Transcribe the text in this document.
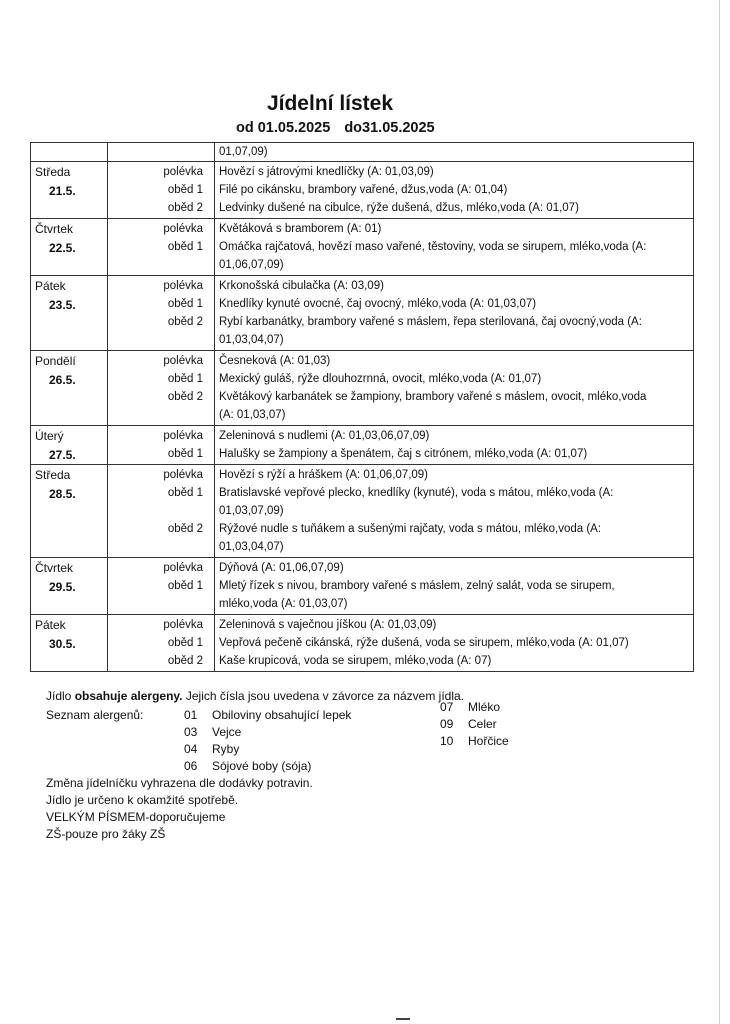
Jídelní lístek
od 01.05.2025 do31.05.2025
01,07,09)
Středa
21.5.
polévka Hovězí s játrovými knedlíčky (A: 01,03,09)
oběd 1 Filé po cikánsku, brambory vařené, džus,voda (A: 01,04)
oběd 2 Ledvinky dušené na cibulce, rýže dušená, džus, mléko,voda (A: 01,07)
Čtvrtek
22.5.
polévka Květáková s bramborem (A: 01)
oběd 1 Omáčka rajčatová, hovězí maso vařené, těstoviny, voda se sirupem, mléko,voda (A:
01,06,07,09)
Pátek
23.5.
polévka Krkonošská cibulačka (A: 03,09)
oběd 1 Knedlíky kynuté ovocné, čaj ovocný, mléko,voda (A: 01,03,07)
oběd 2 Rybí karbanátky, brambory vařené s máslem, řepa sterilovaná, čaj ovocný,voda (A:
01,03,04,07)
Pondělí
26.5.
polévka Česneková (A: 01,03)
oběd 1 Mexický guláš, rýže dlouhozrnná, ovocit, mléko,voda (A: 01,07)
oběd 2 Květákový karbanátek se žampiony, brambory vařené s máslem, ovocit, mléko,voda
(A: 01,03,07)
Úterý
27.5.
polévka Zeleninová s nudlemi (A: 01,03,06,07,09)
oběd 1 Halušky se žampiony a špenátem, čaj s citrónem, mléko,voda (A: 01,07)
Středa
28.5.
polévka Hovězí s rýží a hráškem (A: 01,06,07,09)
oběd 1 Bratislavské vepřové plecko, knedlíky (kynuté), voda s mátou, mléko,voda (A:
01,03,07,09)
oběd 2 Rýžové nudle s tuňákem a sušenými rajčaty, voda s mátou, mléko,voda (A:
01,03,04,07)
Čtvrtek
29.5.
polévka Dýňová (A: 01,06,07,09)
oběd 1 Mletý řízek s nivou, brambory vařené s máslem, zelný salát, voda se sirupem,
mléko,voda (A: 01,03,07)
Pátek
30.5.
polévka Zeleninová s vaječnou jíškou (A: 01,03,09)
oběd 1 Vepřová pečeně cikánská, rýže dušená, voda se sirupem, mléko,voda (A: 01,07)
oběd 2 Kaše krupicová, voda se sirupem, mléko,voda (A: 07)
Jídlo obsahuje alergeny. Jejich čísla jsou uvedena v závorce za názvem jídla.
Seznam alergenů:	01 Obiloviny obsahující lepek
03 Vejce
04 Ryby
06 Sójové boby (sója)
07 Mléko
09 Celer
10 Hořčice
Změna jídelníčku vyhrazena dle dodávky potravin.
Jídlo je určeno k okamžité spotřebě.
VELKÝM PÍSMEM-doporučujeme
ZŠ-pouze pro žáky ZŠ
